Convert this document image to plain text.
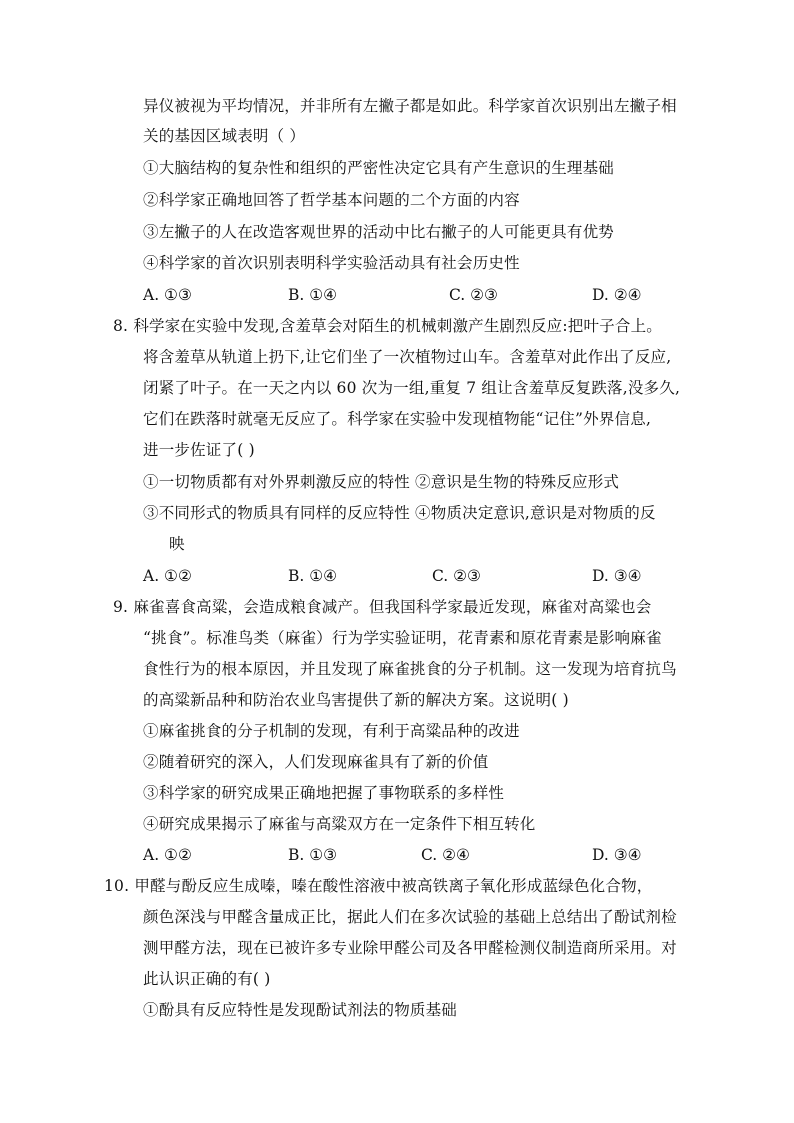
异仪被视为平均情况，并非所有左撇子都是如此。科学家首次识别出左撇子相
关的基因区域表明（ ）
①大脑结构的复杂性和组织的严密性决定它具有产生意识的生理基础
②科学家正确地回答了哲学基本问题的二个方面的内容
③左撇子的人在改造客观世界的活动中比右撇子的人可能更具有优势
④科学家的首次识别表明科学实验活动具有社会历史性
A. ①③	B. ①④	C. ②③	D. ②④
8. 科学家在实验中发现,含羞草会对陌生的机械刺激产生剧烈反应:把叶子合上。
将含羞草从轨道上扔下,让它们坐了一次植物过山车。含羞草对此作出了反应,
闭紧了叶子。在一天之内以 60 次为一组,重复 7 组让含羞草反复跌落,没多久,
它们在跌落时就毫无反应了。科学家在实验中发现植物能“记住”外界信息,
进一步佐证了( )
①一切物质都有对外界刺激反应的特性 ②意识是生物的特殊反应形式
③不同形式的物质具有同样的反应特性 ④物质决定意识,意识是对物质的反
映
A. ①②	B. ①④	C. ②③	D. ③④
9. 麻雀喜食高粱，会造成粮食减产。但我国科学家最近发现，麻雀对高粱也会
“挑食”。标准鸟类（麻雀）行为学实验证明，花青素和原花青素是影响麻雀
食性行为的根本原因，并且发现了麻雀挑食的分子机制。这一发现为培育抗鸟
的高粱新品种和防治农业鸟害提供了新的解决方案。这说明( )
①麻雀挑食的分子机制的发现，有利于高粱品种的改进
②随着研究的深入，人们发现麻雀具有了新的价值
③科学家的研究成果正确地把握了事物联系的多样性
④研究成果揭示了麻雀与高粱双方在一定条件下相互转化
A. ①②	B. ①③	C. ②④	D. ③④
10. 甲醛与酚反应生成嗪，嗪在酸性溶液中被高铁离子氧化形成蓝绿色化合物，
颜色深浅与甲醛含量成正比，据此人们在多次试验的基础上总结出了酚试剂检
测甲醛方法，现在已被许多专业除甲醛公司及各甲醛检测仪制造商所采用。对
此认识正确的有( )
①酚具有反应特性是发现酚试剂法的物质基础
